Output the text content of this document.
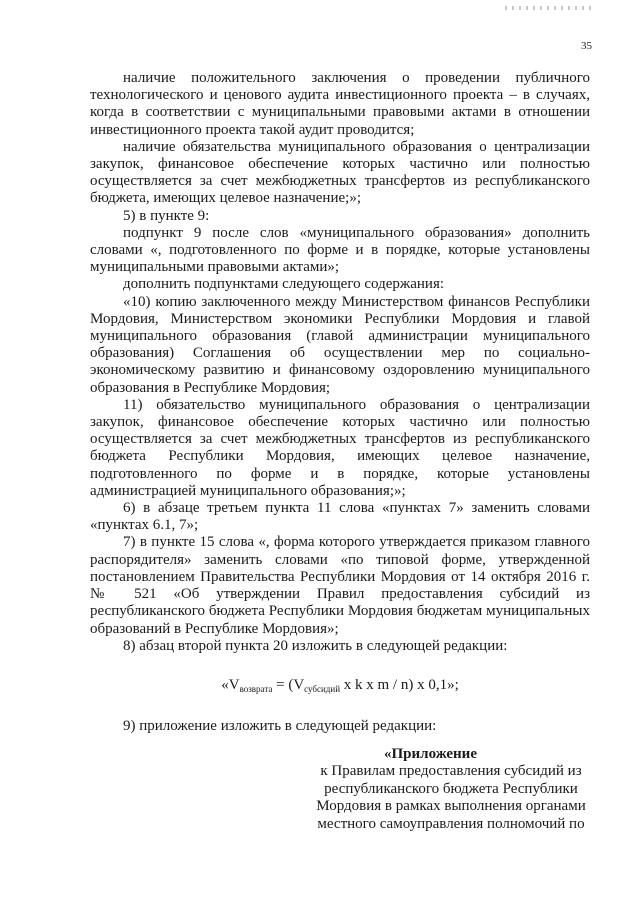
35

наличие положительного заключения о проведении публичного технологического и ценового аудита инвестиционного проекта – в случаях, когда в соответствии с муниципальными правовыми актами в отношении инвестиционного проекта такой аудит проводится;

наличие обязательства муниципального образования о централизации закупок, финансовое обеспечение которых частично или полностью осуществляется за счет межбюджетных трансфертов из республиканского бюджета, имеющих целевое назначение;»;

5) в пункте 9:

подпункт 9 после слов «муниципального образования» дополнить словами «, подготовленного по форме и в порядке, которые установлены муниципальными правовыми актами»;

дополнить подпунктами следующего содержания:

«10) копию заключенного между Министерством финансов Республики Мордовия, Министерством экономики Республики Мордовия и главой муниципального образования (главой администрации муниципального образования) Соглашения об осуществлении мер по социально-экономическому развитию и финансовому оздоровлению муниципального образования в Республике Мордовия;

11) обязательство муниципального образования о централизации закупок, финансовое обеспечение которых частично или полностью осуществляется за счет межбюджетных трансфертов из республиканского бюджета Республики Мордовия, имеющих целевое назначение, подготовленного по форме и в порядке, которые установлены администрацией муниципального образования;»;

6) в абзаце третьем пункта 11 слова «пунктах 7» заменить словами «пунктах 6.1, 7»;

7) в пункте 15 слова «, форма которого утверждается приказом главного распорядителя» заменить словами «по типовой форме, утвержденной постановлением Правительства Республики Мордовия от 14 октября 2016 г. № 521 «Об утверждении Правил предоставления субсидий из республиканского бюджета Республики Мордовия бюджетам муниципальных образований в Республике Мордовия»;

8) абзац второй пункта 20 изложить в следующей редакции:

«$V_{возврата} = (V_{субсидий}$ x k x m / n) x 0,1»;

9) приложение изложить в следующей редакции:

«Приложение
к Правилам предоставления субсидий из
республиканского бюджета Республики
Мордовия в рамках выполнения органами
местного самоуправления полномочий по
